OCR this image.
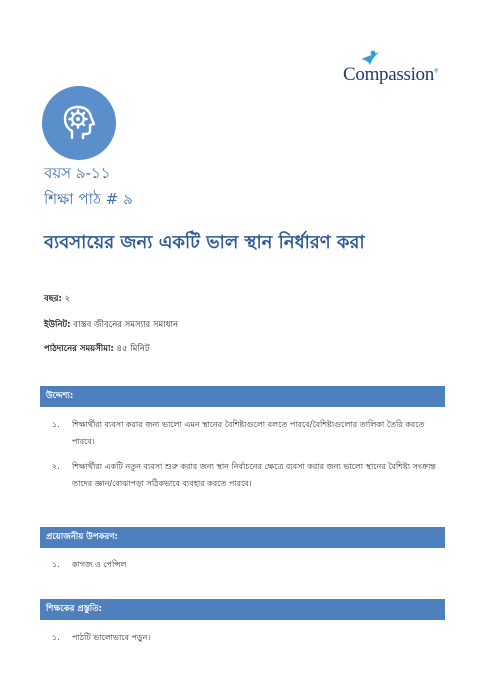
Compassion®
বয়স ৯-১১
শিক্ষা পাঠ # ৯
ব্যবসায়ের জন্য একটি ভাল স্থান নির্ধারণ করা
বছর: ২
ইউনিট: বাস্তব জীবনের সমস্যার সমাধান
পাঠদানের সময়সীমা: ৪৫ মিনিট
উদ্দেশ্য:
১. শিক্ষার্থীরা ব্যবসা করার জন্য ভালো এমন স্থানের বৈশিষ্ট্যগুলো বলতে পারবে/বৈশিষ্ট্যগুলোর তালিকা তৈরি করতে পারবে।
২. শিক্ষার্থীরা একটি নতুন ব্যবসা শুরু করার জন্য স্থান নির্বাচনের ক্ষেত্রে ব্যবসা করার জন্য ভালো স্থানের বৈশিষ্ট্য সংক্রান্ত তাদের জ্ঞান/বোঝাপড়া সঠিকভাবে ব্যবহার করতে পারবে।
প্রয়োজনীয় উপকরণ:
১. কাগজ ও পেন্সিল
শিক্ষকের প্রস্তুতি:
১. পাঠটি ভালোভাবে পড়ুন।
